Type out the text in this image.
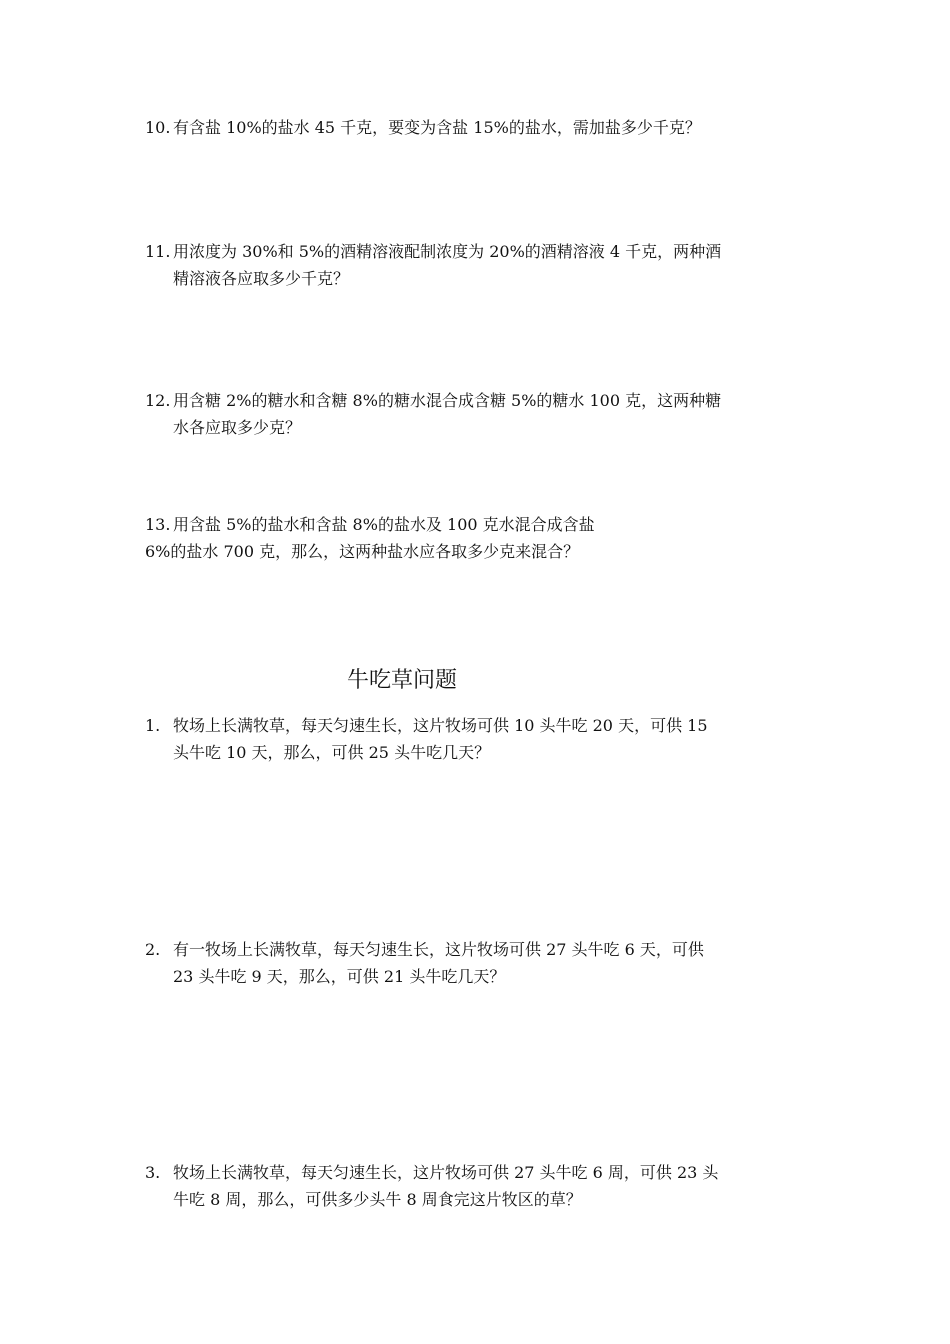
10. 有含盐 10%的盐水 45 千克，要变为含盐 15%的盐水，需加盐多少千克？
11. 用浓度为 30%和 5%的酒精溶液配制浓度为 20%的酒精溶液 4 千克，两种酒
精溶液各应取多少千克？
12. 用含糖 2%的糖水和含糖 8%的糖水混合成含糖 5%的糖水 100 克，这两种糖
水各应取多少克？
13. 用含盐 5%的盐水和含盐 8%的盐水及 100 克水混合成含盐
6%的盐水 700 克，那么，这两种盐水应各取多少克来混合？
牛吃草问题
1. 牧场上长满牧草，每天匀速生长，这片牧场可供 10 头牛吃 20 天，可供 15
头牛吃 10 天，那么，可供 25 头牛吃几天？
2. 有一牧场上长满牧草，每天匀速生长，这片牧场可供 27 头牛吃 6 天，可供
23 头牛吃 9 天，那么，可供 21 头牛吃几天？
3. 牧场上长满牧草，每天匀速生长，这片牧场可供 27 头牛吃 6 周，可供 23 头
牛吃 8 周，那么，可供多少头牛 8 周食完这片牧区的草？
